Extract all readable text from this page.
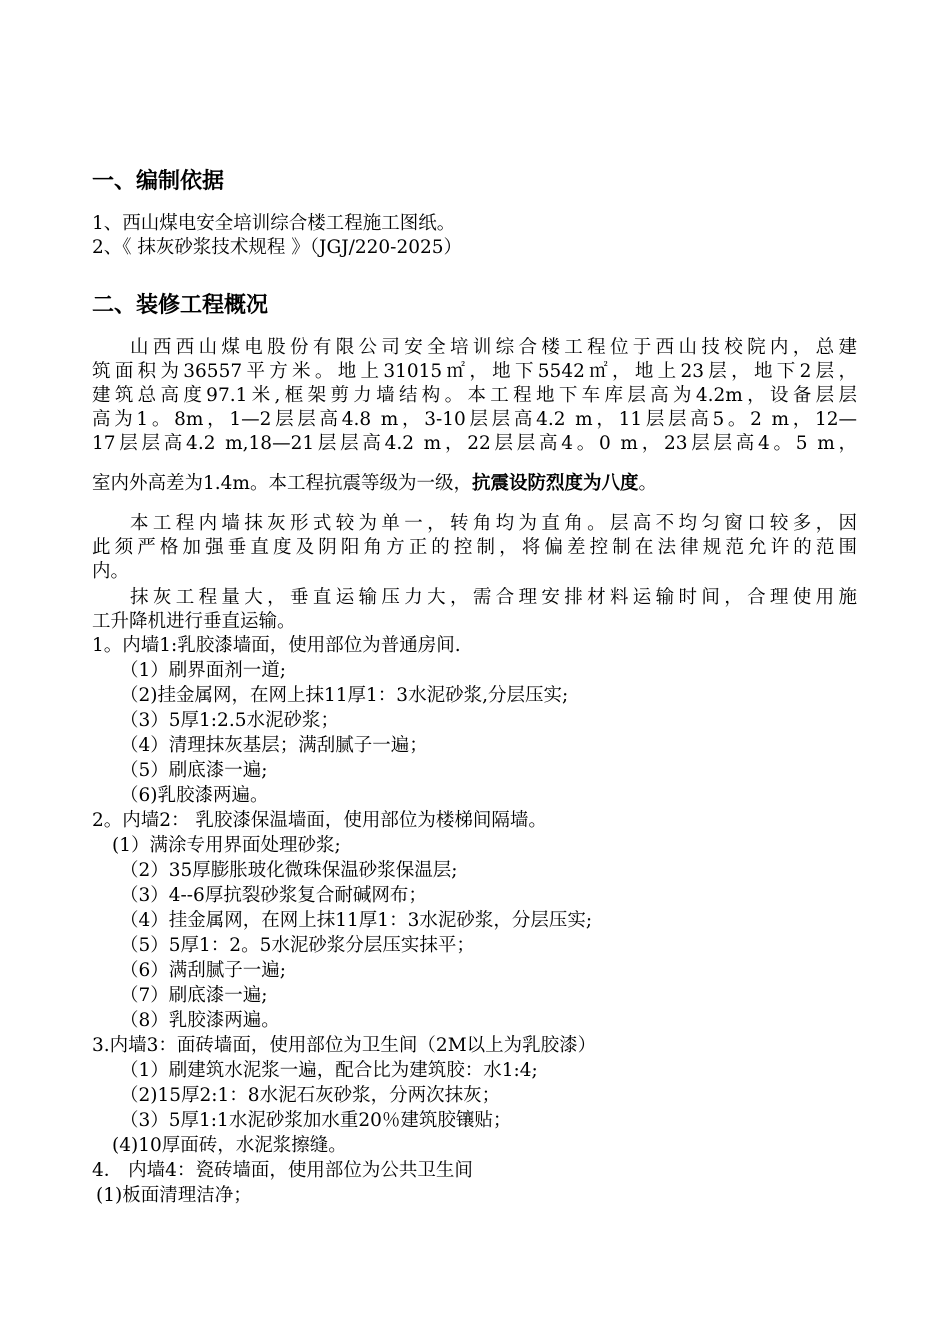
一、编制依据
1、西山煤电安全培训综合楼工程施工图纸。
2、《 抹灰砂浆技术规程 》（JGJ/220-2025）
二、装修工程概况
山西西山煤电股份有限公司安全培训综合楼工程位于西山技校院内，总建
筑面积为36557平方米。地上31015㎡，地下5542㎡，地上23层，地下2层，
建筑总高度97.1米,框架剪力墙结构。本工程地下车库层高为4.2m，设备层层
高为1。8m，1—2层层高4.8 m，3-10层层高4.2 m，11层层高5。2 m，12—
17层层高4.2 m,18—21层层高4.2 m，22层层高4。0 m，23层层高4。5 m，
室内外高差为1.4m。本工程抗震等级为一级，抗震设防烈度为八度。
本工程内墙抹灰形式较为单一，转角均为直角。层高不均匀窗口较多，因
此须严格加强垂直度及阴阳角方正的控制，将偏差控制在法律规范允许的范围
内。
抹灰工程量大，垂直运输压力大，需合理安排材料运输时间，合理使用施
工升降机进行垂直运输。
1。内墙1:乳胶漆墙面，使用部位为普通房间.
（1）刷界面剂一道;
（2)挂金属网，在网上抹11厚1：3水泥砂浆,分层压实;
（3）5厚1:2.5水泥砂浆；
（4）清理抹灰基层；满刮腻子一遍；
（5）刷底漆一遍;
（6)乳胶漆两遍。
2。内墙2： 乳胶漆保温墙面，使用部位为楼梯间隔墙。
(1）满涂专用界面处理砂浆;
（2）35厚膨胀玻化微珠保温砂浆保温层;
（3）4--6厚抗裂砂浆复合耐碱网布；
（4）挂金属网，在网上抹11厚1：3水泥砂浆，分层压实;
（5）5厚1：2。5水泥砂浆分层压实抹平；
（6）满刮腻子一遍;
（7）刷底漆一遍;
（8）乳胶漆两遍。
3.内墙3：面砖墙面，使用部位为卫生间（2M以上为乳胶漆）
（1）刷建筑水泥浆一遍，配合比为建筑胶：水1:4;
（2)15厚2:1：8水泥石灰砂浆，分两次抹灰；
（3）5厚1:1水泥砂浆加水重20％建筑胶镶贴；
(4)10厚面砖，水泥浆擦缝。
4． 内墙4：瓷砖墙面，使用部位为公共卫生间
(1)板面清理洁净；
